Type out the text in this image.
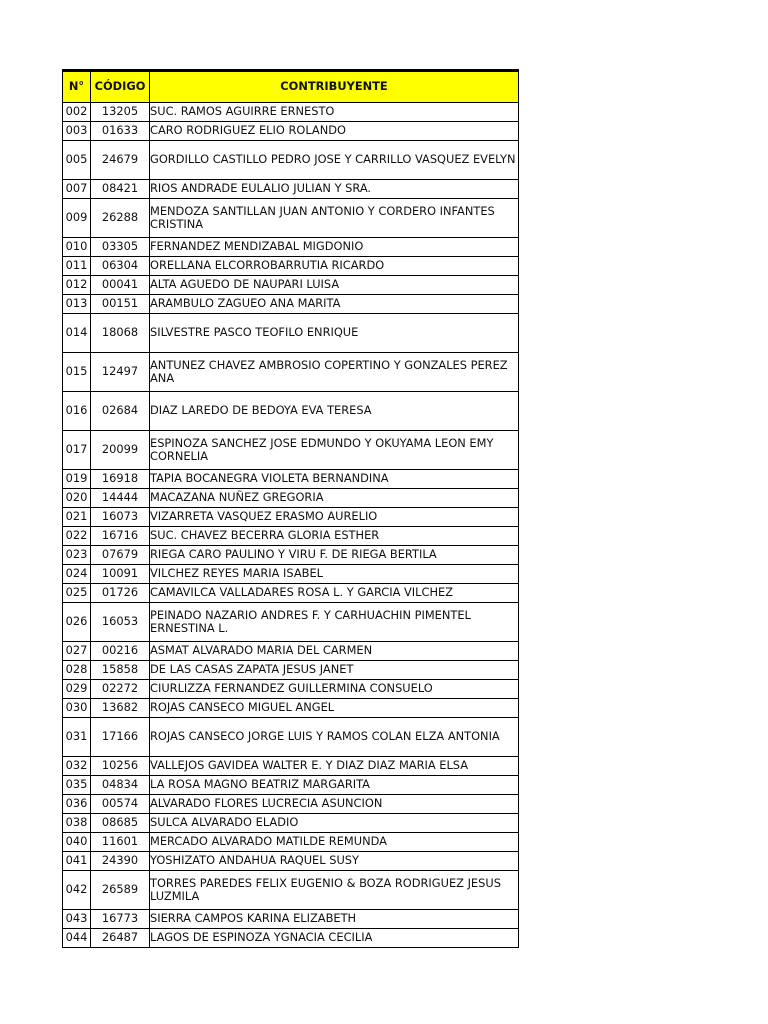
N°	CÓDIGO	CONTRIBUYENTE
002	13205	SUC. RAMOS AGUIRRE ERNESTO
003	01633	CARO RODRIGUEZ ELIO ROLANDO
005	24679	GORDILLO CASTILLO PEDRO JOSE Y CARRILLO VASQUEZ EVELYN
007	08421	RIOS ANDRADE EULALIO JULIAN Y SRA.
009	26288	MENDOZA SANTILLAN JUAN ANTONIO Y CORDERO INFANTES CRISTINA
010	03305	FERNANDEZ MENDIZABAL MIGDONIO
011	06304	ORELLANA ELCORROBARRUTIA RICARDO
012	00041	ALTA AGUEDO DE NAUPARI LUISA
013	00151	ARAMBULO ZAGUEO ANA MARITA
014	18068	SILVESTRE PASCO TEOFILO ENRIQUE
015	12497	ANTUNEZ CHAVEZ AMBROSIO COPERTINO Y GONZALES PEREZ ANA
016	02684	DIAZ LAREDO DE BEDOYA EVA TERESA
017	20099	ESPINOZA SANCHEZ JOSE EDMUNDO Y OKUYAMA LEON EMY CORNELIA
019	16918	TAPIA BOCANEGRA VIOLETA BERNANDINA
020	14444	MACAZANA NUÑEZ GREGORIA
021	16073	VIZARRETA VASQUEZ ERASMO AURELIO
022	16716	SUC. CHAVEZ BECERRA GLORIA ESTHER
023	07679	RIEGA CARO PAULINO Y VIRU F. DE RIEGA BERTILA
024	10091	VILCHEZ REYES MARIA ISABEL
025	01726	CAMAVILCA VALLADARES ROSA L. Y GARCIA VILCHEZ
026	16053	PEINADO NAZARIO ANDRES F. Y CARHUACHIN PIMENTEL ERNESTINA L.
027	00216	ASMAT ALVARADO MARIA DEL CARMEN
028	15858	DE LAS CASAS ZAPATA JESUS JANET
029	02272	CIURLIZZA FERNANDEZ GUILLERMINA CONSUELO
030	13682	ROJAS CANSECO MIGUEL ANGEL
031	17166	ROJAS CANSECO JORGE LUIS Y RAMOS COLAN ELZA ANTONIA
032	10256	VALLEJOS GAVIDEA WALTER E. Y DIAZ DIAZ MARIA ELSA
035	04834	LA ROSA MAGNO BEATRIZ MARGARITA
036	00574	ALVARADO FLORES LUCRECIA ASUNCION
038	08685	SULCA ALVARADO ELADIO
040	11601	MERCADO ALVARADO MATILDE REMUNDA
041	24390	YOSHIZATO ANDAHUA RAQUEL SUSY
042	26589	TORRES PAREDES FELIX EUGENIO & BOZA RODRIGUEZ JESUS LUZMILA
043	16773	SIERRA CAMPOS KARINA ELIZABETH
044	26487	LAGOS DE ESPINOZA YGNACIA CECILIA
